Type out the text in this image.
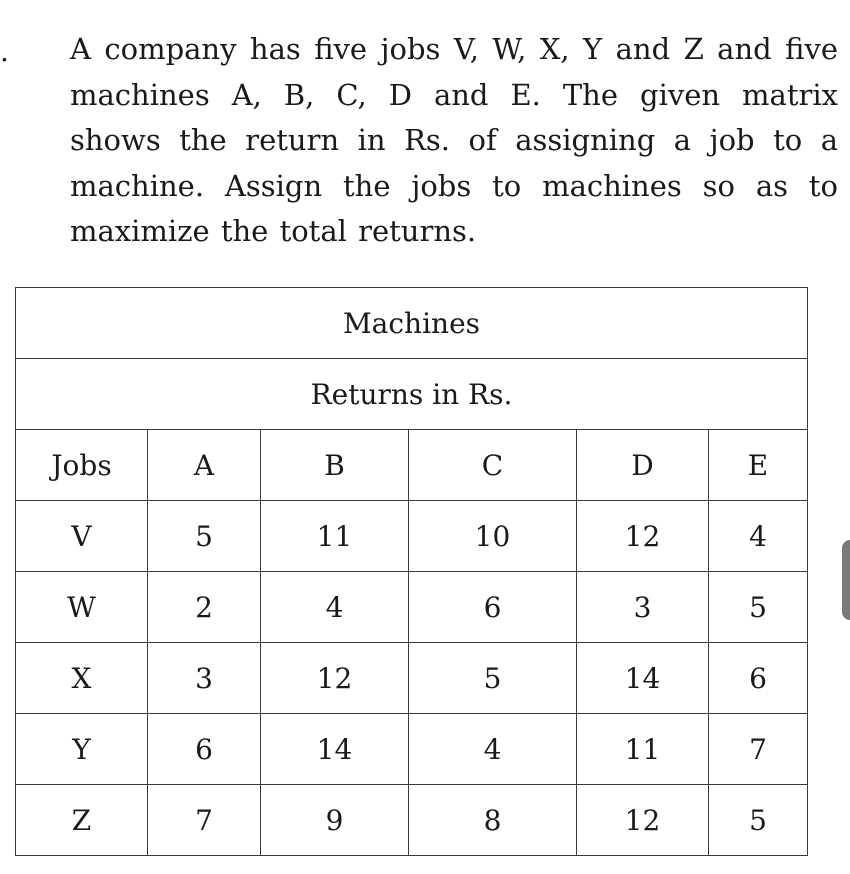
. A company has five jobs V, W, X, Y and Z and five machines A, B, C, D and E. The given matrix shows the return in Rs. of assigning a job to a machine. Assign the jobs to machines so as to maximize the total returns.
Machines					
Returns in Rs.					
Jobs	A	B	C	D	E
V	5	11	10	12	4
W	2	4	6	3	5
X	3	12	5	14	6
Y	6	14	4	11	7
Z	7	9	8	12	5
